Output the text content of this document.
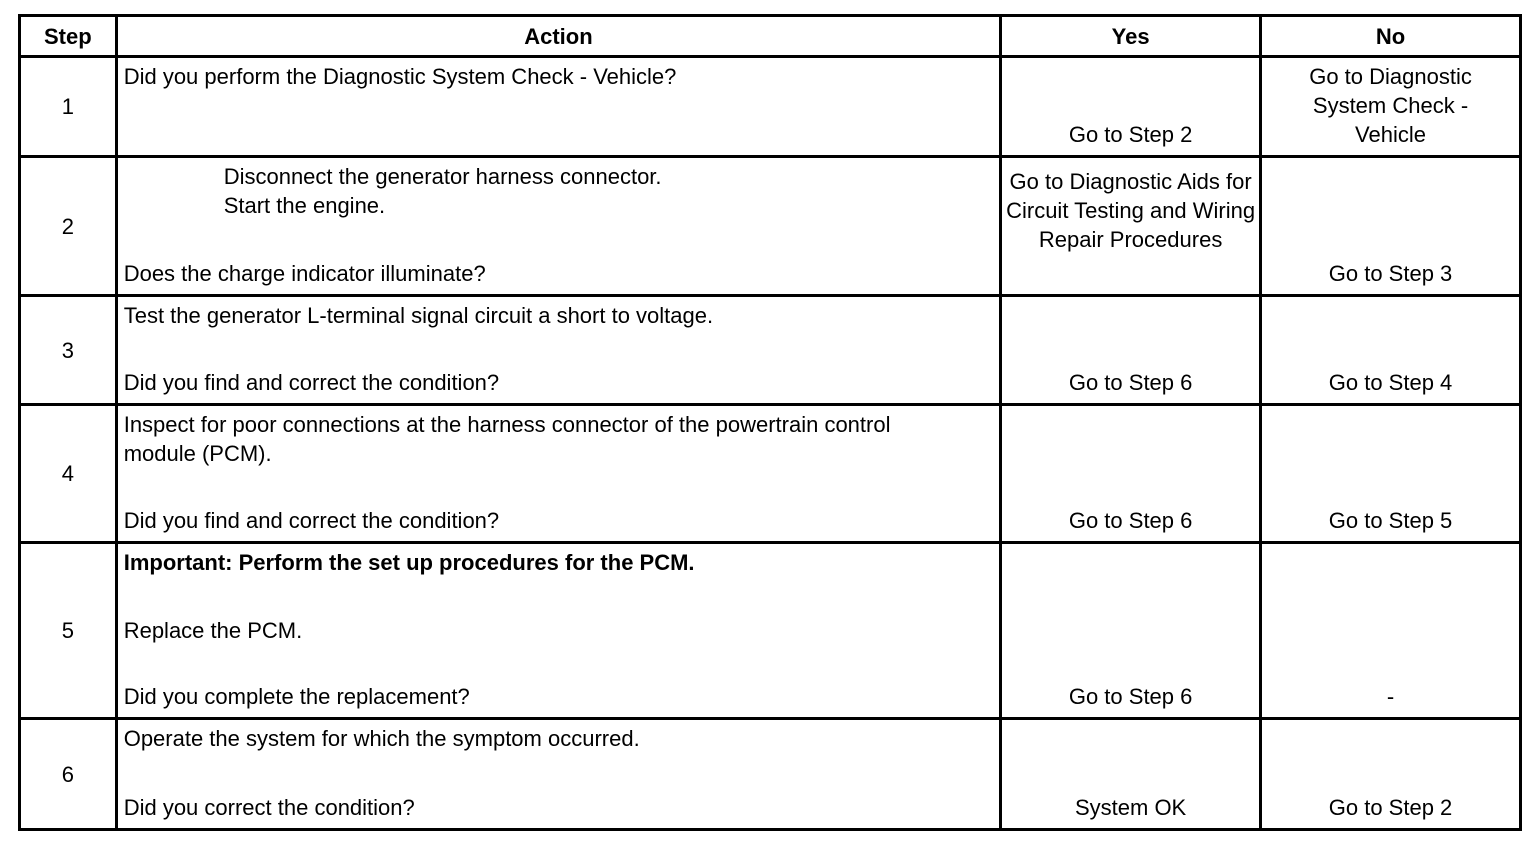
Step	Action	Yes	No
1	Did you perform the Diagnostic System Check - Vehicle?	Go to Step 2	Go to Diagnostic System Check - Vehicle

2	Disconnect the generator harness connector.
Start the engine.
Does the charge indicator illuminate?	Go to Diagnostic Aids for Circuit Testing and Wiring Repair Procedures	Go to Step 3

3	Test the generator L-terminal signal circuit a short to voltage.
Did you find and correct the condition?	Go to Step 6	Go to Step 4

4	Inspect for poor connections at the harness connector of the powertrain control module (PCM).
Did you find and correct the condition?	Go to Step 6	Go to Step 5

5	Important: Perform the set up procedures for the PCM.
Replace the PCM.
Did you complete the replacement?	Go to Step 6	-

6	Operate the system for which the symptom occurred.
Did you correct the condition?	System OK	Go to Step 2
